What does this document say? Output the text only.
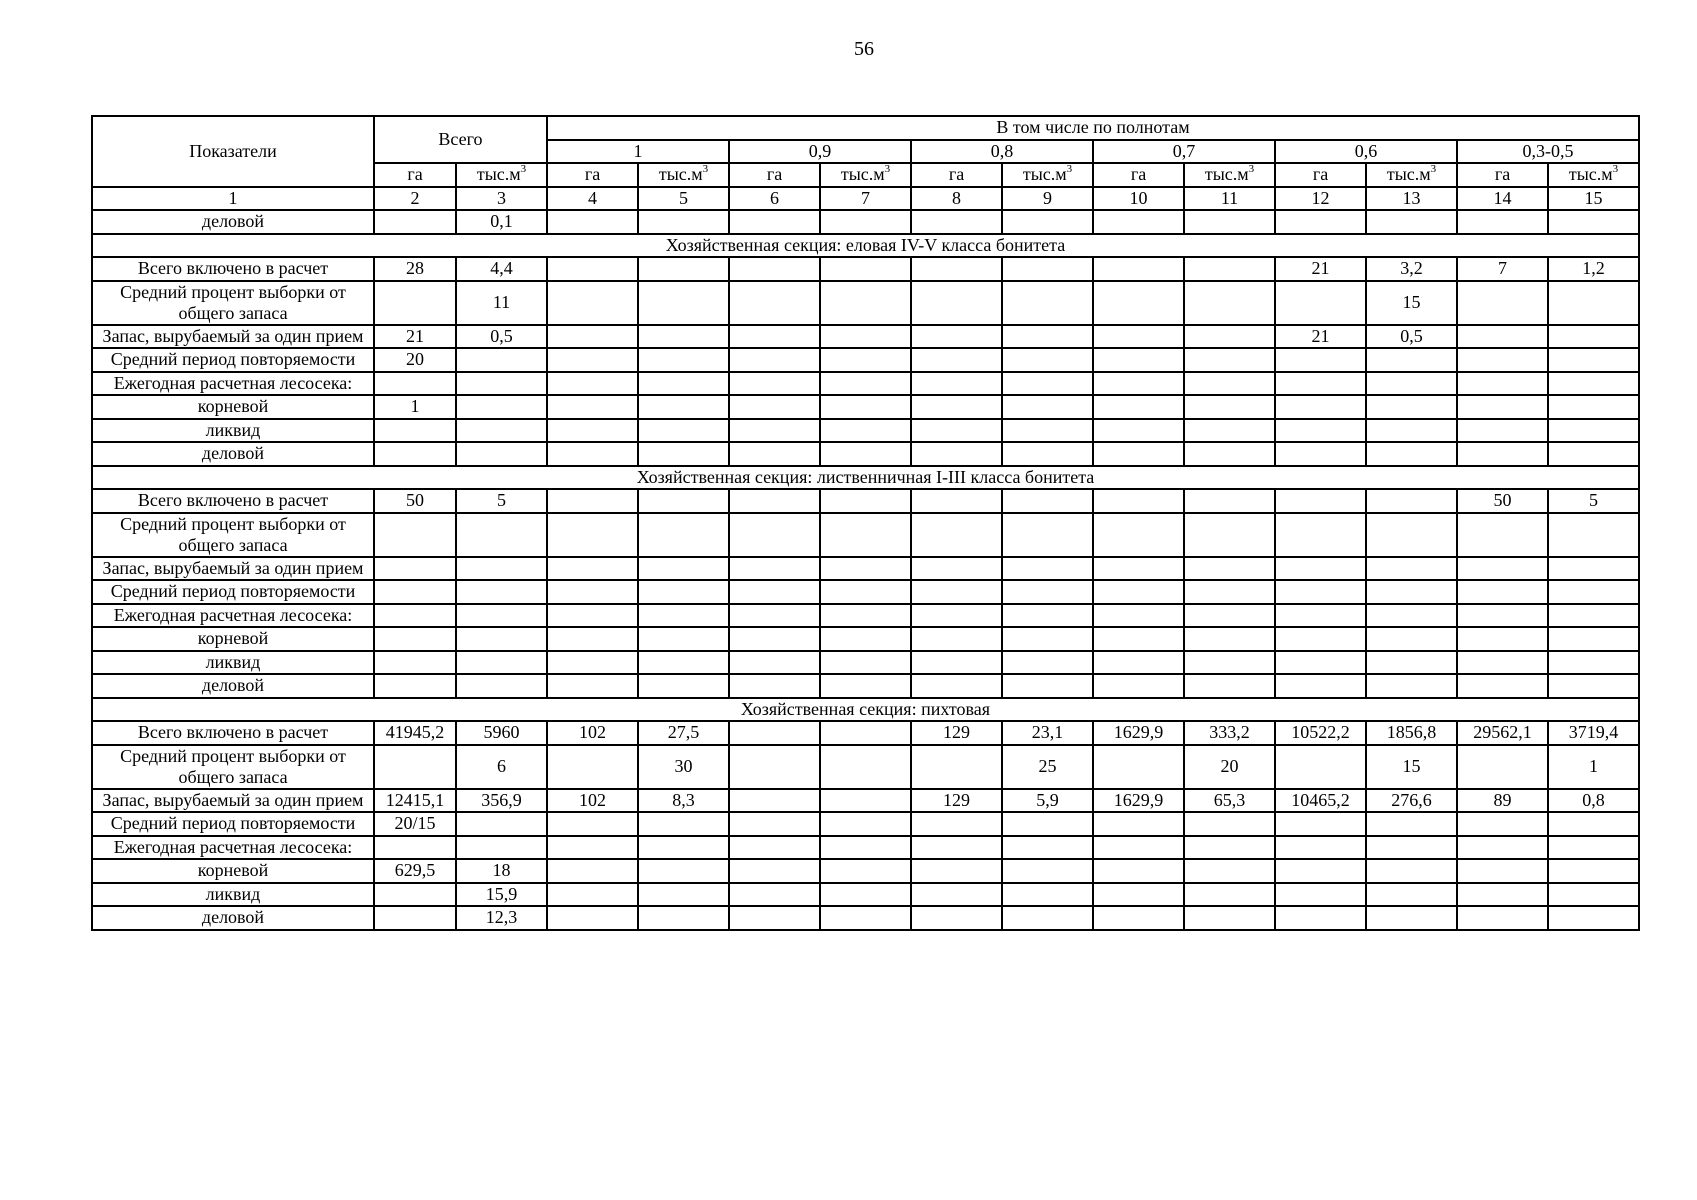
56
Показатели	Всего		В том числе по полнотам											
			1		0,9		0,8		0,7		0,6		0,3-0,5	
	га	$тыс.м^3$	га	$тыс.м^3$	га	$тыс.м^3$	га	$тыс.м^3$	га	$тыс.м^3$	га	$тыс.м^3$	га	$тыс.м^3$
1	2	3	4	5	6	7	8	9	10	11	12	13	14	15
деловой		0,1												
Хозяйственная секция: еловая IV-V класса бонитета														
Всего включено в расчет	28	4,4									21	3,2	7	1,2
Средний процент выборки от общего запаса		11										15		
Запас, вырубаемый за один прием	21	0,5									21	0,5		
Средний период повторяемости	20													
Ежегодная расчетная лесосека:														
корневой	1													
ликвид														
деловой														
Хозяйственная секция: лиственничная I-III класса бонитета														
Всего включено в расчет	50	5											50	5
Средний процент выборки от общего запаса														
Запас, вырубаемый за один прием														
Средний период повторяемости														
Ежегодная расчетная лесосека:														
корневой														
ликвид														
деловой														
Хозяйственная секция: пихтовая														
Всего включено в расчет	41945,2	5960	102	27,5			129	23,1	1629,9	333,2	10522,2	1856,8	29562,1	3719,4
Средний процент выборки от общего запаса		6		30				25		20		15		1
Запас, вырубаемый за один прием	12415,1	356,9	102	8,3			129	5,9	1629,9	65,3	10465,2	276,6	89	0,8
Средний период повторяемости	20/15													
Ежегодная расчетная лесосека:														
корневой	629,5	18												
ликвид		15,9												
деловой		12,3												
